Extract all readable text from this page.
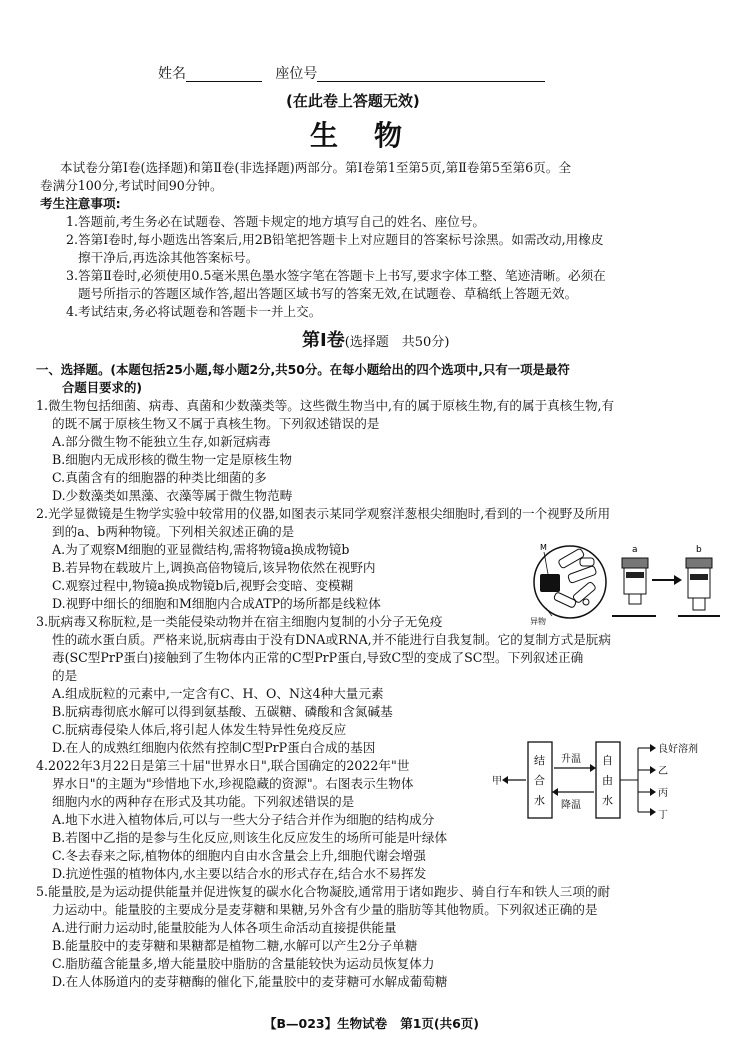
姓名	座位号
(在此卷上答题无效)
生　物
本试卷分第Ⅰ卷(选择题)和第Ⅱ卷(非选择题)两部分。第Ⅰ卷第1至第5页,第Ⅱ卷第5至第6页。全
卷满分100分,考试时间90分钟。
考生注意事项:
1.答题前,考生务必在试题卷、答题卡规定的地方填写自己的姓名、座位号。
2.答第Ⅰ卷时,每小题选出答案后,用2B铅笔把答题卡上对应题目的答案标号涂黑。如需改动,用橡皮
擦干净后,再选涂其他答案标号。
3.答第Ⅱ卷时,必须使用0.5毫米黑色墨水签字笔在答题卡上书写,要求字体工整、笔迹清晰。必须在
题号所指示的答题区域作答,超出答题区域书写的答案无效,在试题卷、草稿纸上答题无效。
4.考试结束,务必将试题卷和答题卡一并上交。
第Ⅰ卷(选择题　共50分)
一、选择题。(本题包括25小题,每小题2分,共50分。在每小题给出的四个选项中,只有一项是最符
合题目要求的)
1.微生物包括细菌、病毒、真菌和少数藻类等。这些微生物当中,有的属于原核生物,有的属于真核生物,有
的既不属于原核生物又不属于真核生物。下列叙述错误的是
A.部分微生物不能独立生存,如新冠病毒
B.细胞内无成形核的微生物一定是原核生物
C.真菌含有的细胞器的种类比细菌的多
D.少数藻类如黑藻、衣藻等属于微生物范畴
2.光学显微镜是生物学实验中较常用的仪器,如图表示某同学观察洋葱根尖细胞时,看到的一个视野及所用
到的a、b两种物镜。下列相关叙述正确的是
A.为了观察M细胞的亚显微结构,需将物镜a换成物镜b
B.若异物在载玻片上,调换高倍物镜后,该异物依然在视野内
C.观察过程中,物镜a换成物镜b后,视野会变暗、变模糊
D.视野中细长的细胞和M细胞内合成ATP的场所都是线粒体
M
异物
a	b
3.朊病毒又称朊粒,是一类能侵染动物并在宿主细胞内复制的小分子无免疫
性的疏水蛋白质。严格来说,朊病毒由于没有DNA或RNA,并不能进行自我复制。它的复制方式是朊病
毒(SC型PrP蛋白)接触到了生物体内正常的C型PrP蛋白,导致C型的变成了SC型。下列叙述正确
的是
A.组成朊粒的元素中,一定含有C、H、O、N这4种大量元素
B.朊病毒彻底水解可以得到氨基酸、五碳糖、磷酸和含氮碱基
C.朊病毒侵染人体后,将引起人体发生特异性免疫反应
D.在人的成熟红细胞内依然有控制C型PrP蛋白合成的基因
4.2022年3月22日是第三十届"世界水日",联合国确定的2022年"世
界水日"的主题为"珍惜地下水,珍视隐藏的资源"。右图表示生物体
细胞内水的两种存在形式及其功能。下列叙述错误的是
A.地下水进入植物体后,可以与一些大分子结合并作为细胞的结构成分
B.若图中乙指的是参与生化反应,则该生化反应发生的场所可能是叶绿体
C.冬去春来之际,植物体的细胞内自由水含量会上升,细胞代谢会增强
D.抗逆性强的植物体内,水主要以结合水的形式存在,结合水不易挥发
结 合 水
自 由 水
升温
降温
甲
良好溶剂
乙
丙
丁
5.能量胶,是为运动提供能量并促进恢复的碳水化合物凝胶,通常用于诸如跑步、骑自行车和铁人三项的耐
力运动中。能量胶的主要成分是麦芽糖和果糖,另外含有少量的脂肪等其他物质。下列叙述正确的是
A.进行耐力运动时,能量胶能为人体各项生命活动直接提供能量
B.能量胶中的麦芽糖和果糖都是植物二糖,水解可以产生2分子单糖
C.脂肪蕴含能量多,增大能量胶中脂肪的含量能较快为运动员恢复体力
D.在人体肠道内的麦芽糖酶的催化下,能量胶中的麦芽糖可水解成葡萄糖
【B—023】生物试卷 第1页(共6页)
